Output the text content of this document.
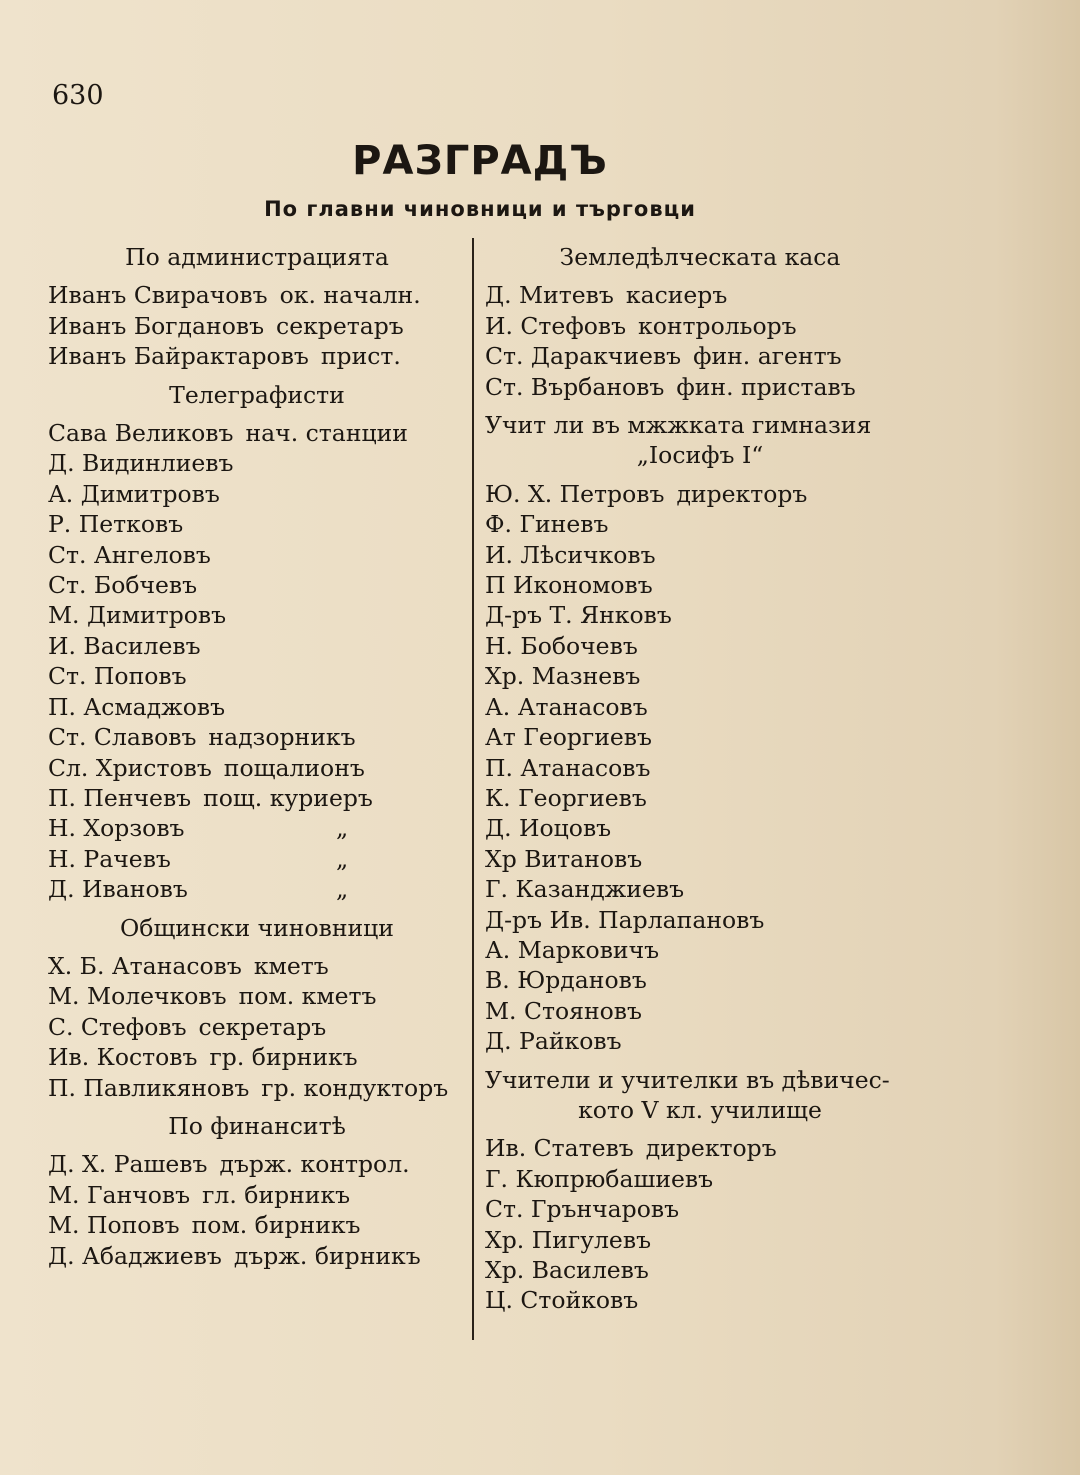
630
РАЗГРАДЪ
По главни чиновници и търговци
По администрацията
Иванъ Свирачовъ ок. началн.
Иванъ Богдановъ секретаръ
Иванъ Байрактаровъ прист.
Телеграфисти
Сава Великовъ нач. станции
Д. Видинлиевъ
А. Димитровъ
Р. Петковъ
Ст. Ангеловъ
Ст. Бобчевъ
М. Димитровъ
И. Василевъ
Ст. Поповъ
П. Асмаджовъ
Ст. Славовъ надзорникъ
Сл. Христовъ пощалионъ
П. Пенчевъ пощ. куриеръ
Н. Хорзовъ	„
Н. Рачевъ	„
Д. Ивановъ	„
Общински чиновници
Х. Б. Атанасовъ кметъ
М. Молечковъ пом. кметъ
С. Стефовъ секретаръ
Ив. Костовъ гр. бирникъ
П. Павликяновъ гр. кондукторъ
По финанситѣ
Д. Х. Рашевъ държ. контрол.
М. Ганчовъ гл. бирникъ
М. Поповъ пом. бирникъ
Д. Абаджиевъ държ. бирникъ
Земледѣлческата каса
Д. Митевъ касиеръ
И. Стефовъ контрольоръ
Ст. Даракчиевъ фин. агентъ
Ст. Върбановъ фин. приставъ
Учит ли въ мжжката гимназия
„Іосифъ I“
Ю. Х. Петровъ директоръ
Ф. Гиневъ
И. Лѣсичковъ
П Икономовъ
Д-ръ Т. Янковъ
Н. Бобочевъ
Хр. Мазневъ
А. Атанасовъ
Ат Георгиевъ
П. Атанасовъ
К. Георгиевъ
Д. Иоцовъ
Хр Витановъ
Г. Казанджиевъ
Д-ръ Ив. Парлапановъ
А. Марковичъ
В. Юрдановъ
М. Стояновъ
Д. Райковъ
Учители и учителки въ дѣвичес-
кото V кл. училище
Ив. Статевъ директоръ
Г. Кюпрюбашиевъ
Ст. Грънчаровъ
Хр. Пигулевъ
Хр. Василевъ
Ц. Стойковъ
